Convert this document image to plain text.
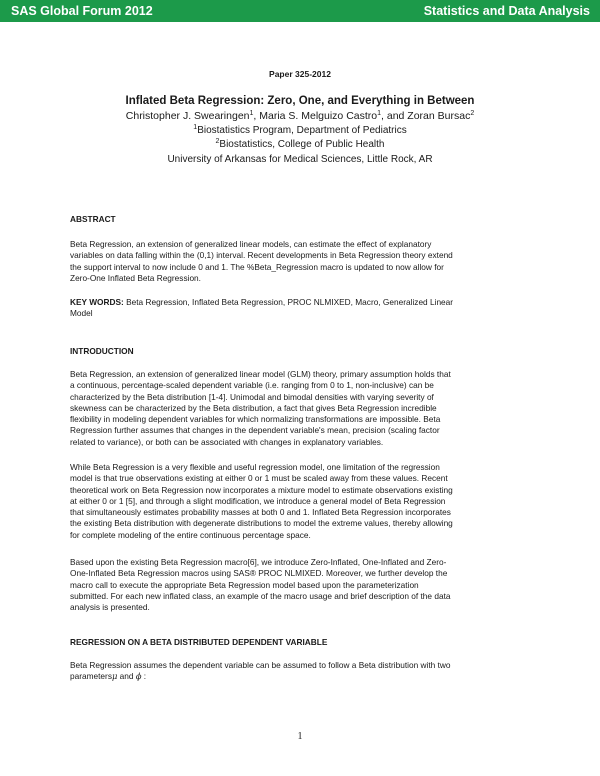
SAS Global Forum 2012	Statistics and Data Analysis
Paper 325-2012
Inflated Beta Regression: Zero, One, and Everything in Between
Christopher J. Swearingen$^1$, Maria S. Melguizo Castro$^1$, and Zoran Bursac$^2$
$^1$Biostatistics Program, Department of Pediatrics
$^2$Biostatistics, College of Public Health
University of Arkansas for Medical Sciences, Little Rock, AR
ABSTRACT
Beta Regression, an extension of generalized linear models, can estimate the effect of explanatory
variables on data falling within the (0,1) interval. Recent developments in Beta Regression theory extend
the support interval to now include 0 and 1. The %Beta_Regression macro is updated to now allow for
Zero-One Inflated Beta Regression.
KEY WORDS: Beta Regression, Inflated Beta Regression, PROC NLMIXED, Macro, Generalized Linear
Model
INTRODUCTION
Beta Regression, an extension of generalized linear model (GLM) theory, primary assumption holds that
a continuous, percentage-scaled dependent variable (i.e. ranging from 0 to 1, non-inclusive) can be
characterized by the Beta distribution [1-4]. Unimodal and bimodal densities with varying severity of
skewness can be characterized by the Beta distribution, a fact that gives Beta Regression incredible
flexibility in modeling dependent variables for which normalizing transformations are impossible. Beta
Regression further assumes that changes in the dependent variable's mean, precision (scaling factor
related to variance), or both can be associated with changes in explanatory variables.
While Beta Regression is a very flexible and useful regression model, one limitation of the regression
model is that true observations existing at either 0 or 1 must be scaled away from these values. Recent
theoretical work on Beta Regression now incorporates a mixture model to estimate observations existing
at either 0 or 1 [5], and through a slight modification, we introduce a general model of Beta Regression
that simultaneously estimates probability masses at both 0 and 1. Inflated Beta Regression incorporates
the existing Beta distribution with degenerate distributions to model the extreme values, thereby allowing
for complete modeling of the entire continuous percentage space.
Based upon the existing Beta Regression macro[6], we introduce Zero-Inflated, One-Inflated and Zero-
One-Inflated Beta Regression macros using SAS® PROC NLMIXED. Moreover, we further develop the
macro call to execute the appropriate Beta Regression model based upon the parameterization
submitted. For each new inflated class, an example of the macro usage and brief description of the data
analysis is presented.
REGRESSION ON A BETA DISTRIBUTED DEPENDENT VARIABLE
Beta Regression assumes the dependent variable can be assumed to follow a Beta distribution with two
parametersμ and ϕ :
1
